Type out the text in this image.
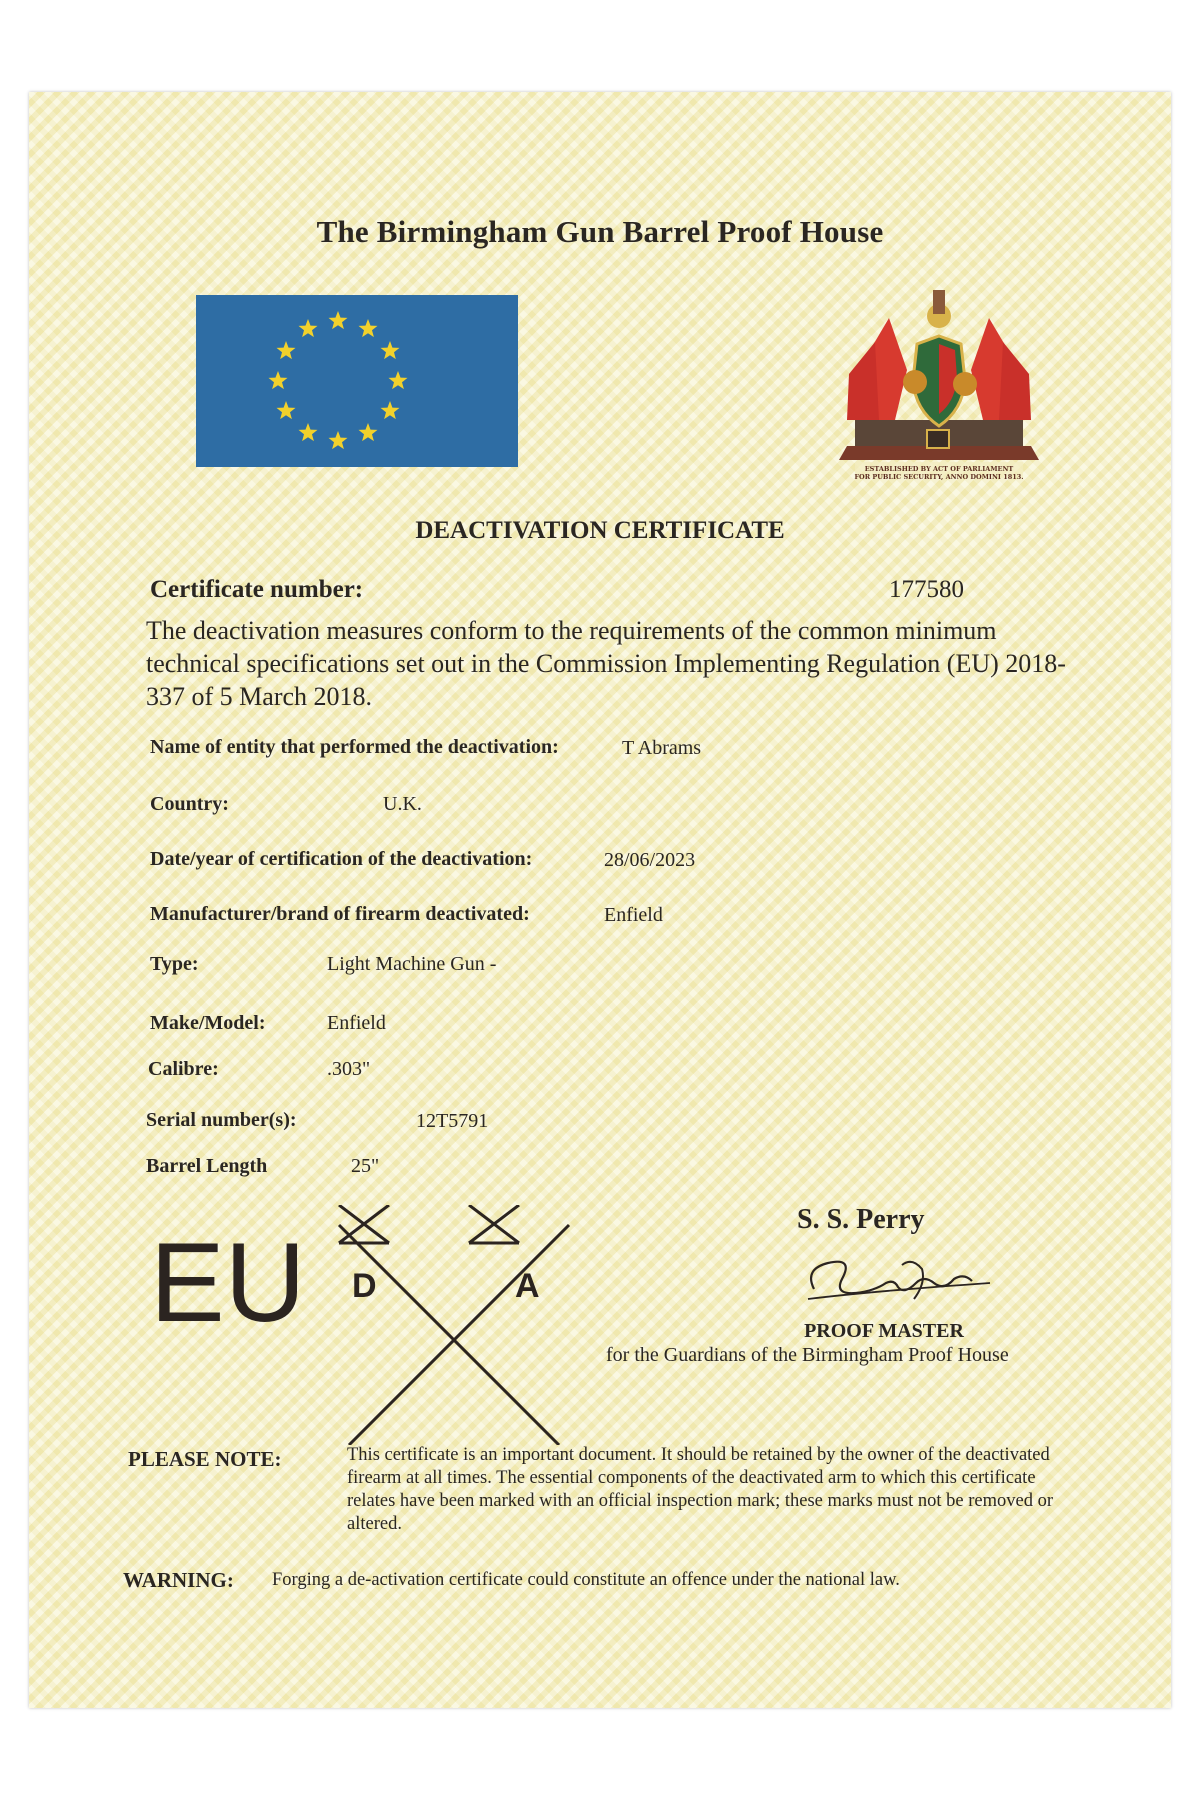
The Birmingham Gun Barrel Proof House
ESTABLISHED BY ACT OF PARLIAMENT
FOR PUBLIC SECURITY, ANNO DOMINI 1813.
DEACTIVATION CERTIFICATE
Certificate number:	177580
The deactivation measures conform to the requirements of the common minimum technical specifications set out in the Commission Implementing Regulation (EU) 2018-337 of 5 March 2018.
Name of entity that performed the deactivation:	T Abrams
Country:	U.K.
Date/year of certification of the deactivation:	28/06/2023
Manufacturer/brand of firearm deactivated:	Enfield
Type:	Light Machine Gun -
Make/Model:	Enfield
Calibre:	.303"
Serial number(s):	12T5791
Barrel Length	25"
EU D	A
S. S. Perry
PROOF MASTER
for the Guardians of the Birmingham Proof House
PLEASE NOTE:	This certificate is an important document. It should be retained by the owner of the deactivated firearm at all times. The essential components of the deactivated arm to which this certificate relates have been marked with an official inspection mark; these marks must not be removed or altered.
WARNING: Forging a de-activation certificate could constitute an offence under the national law.
